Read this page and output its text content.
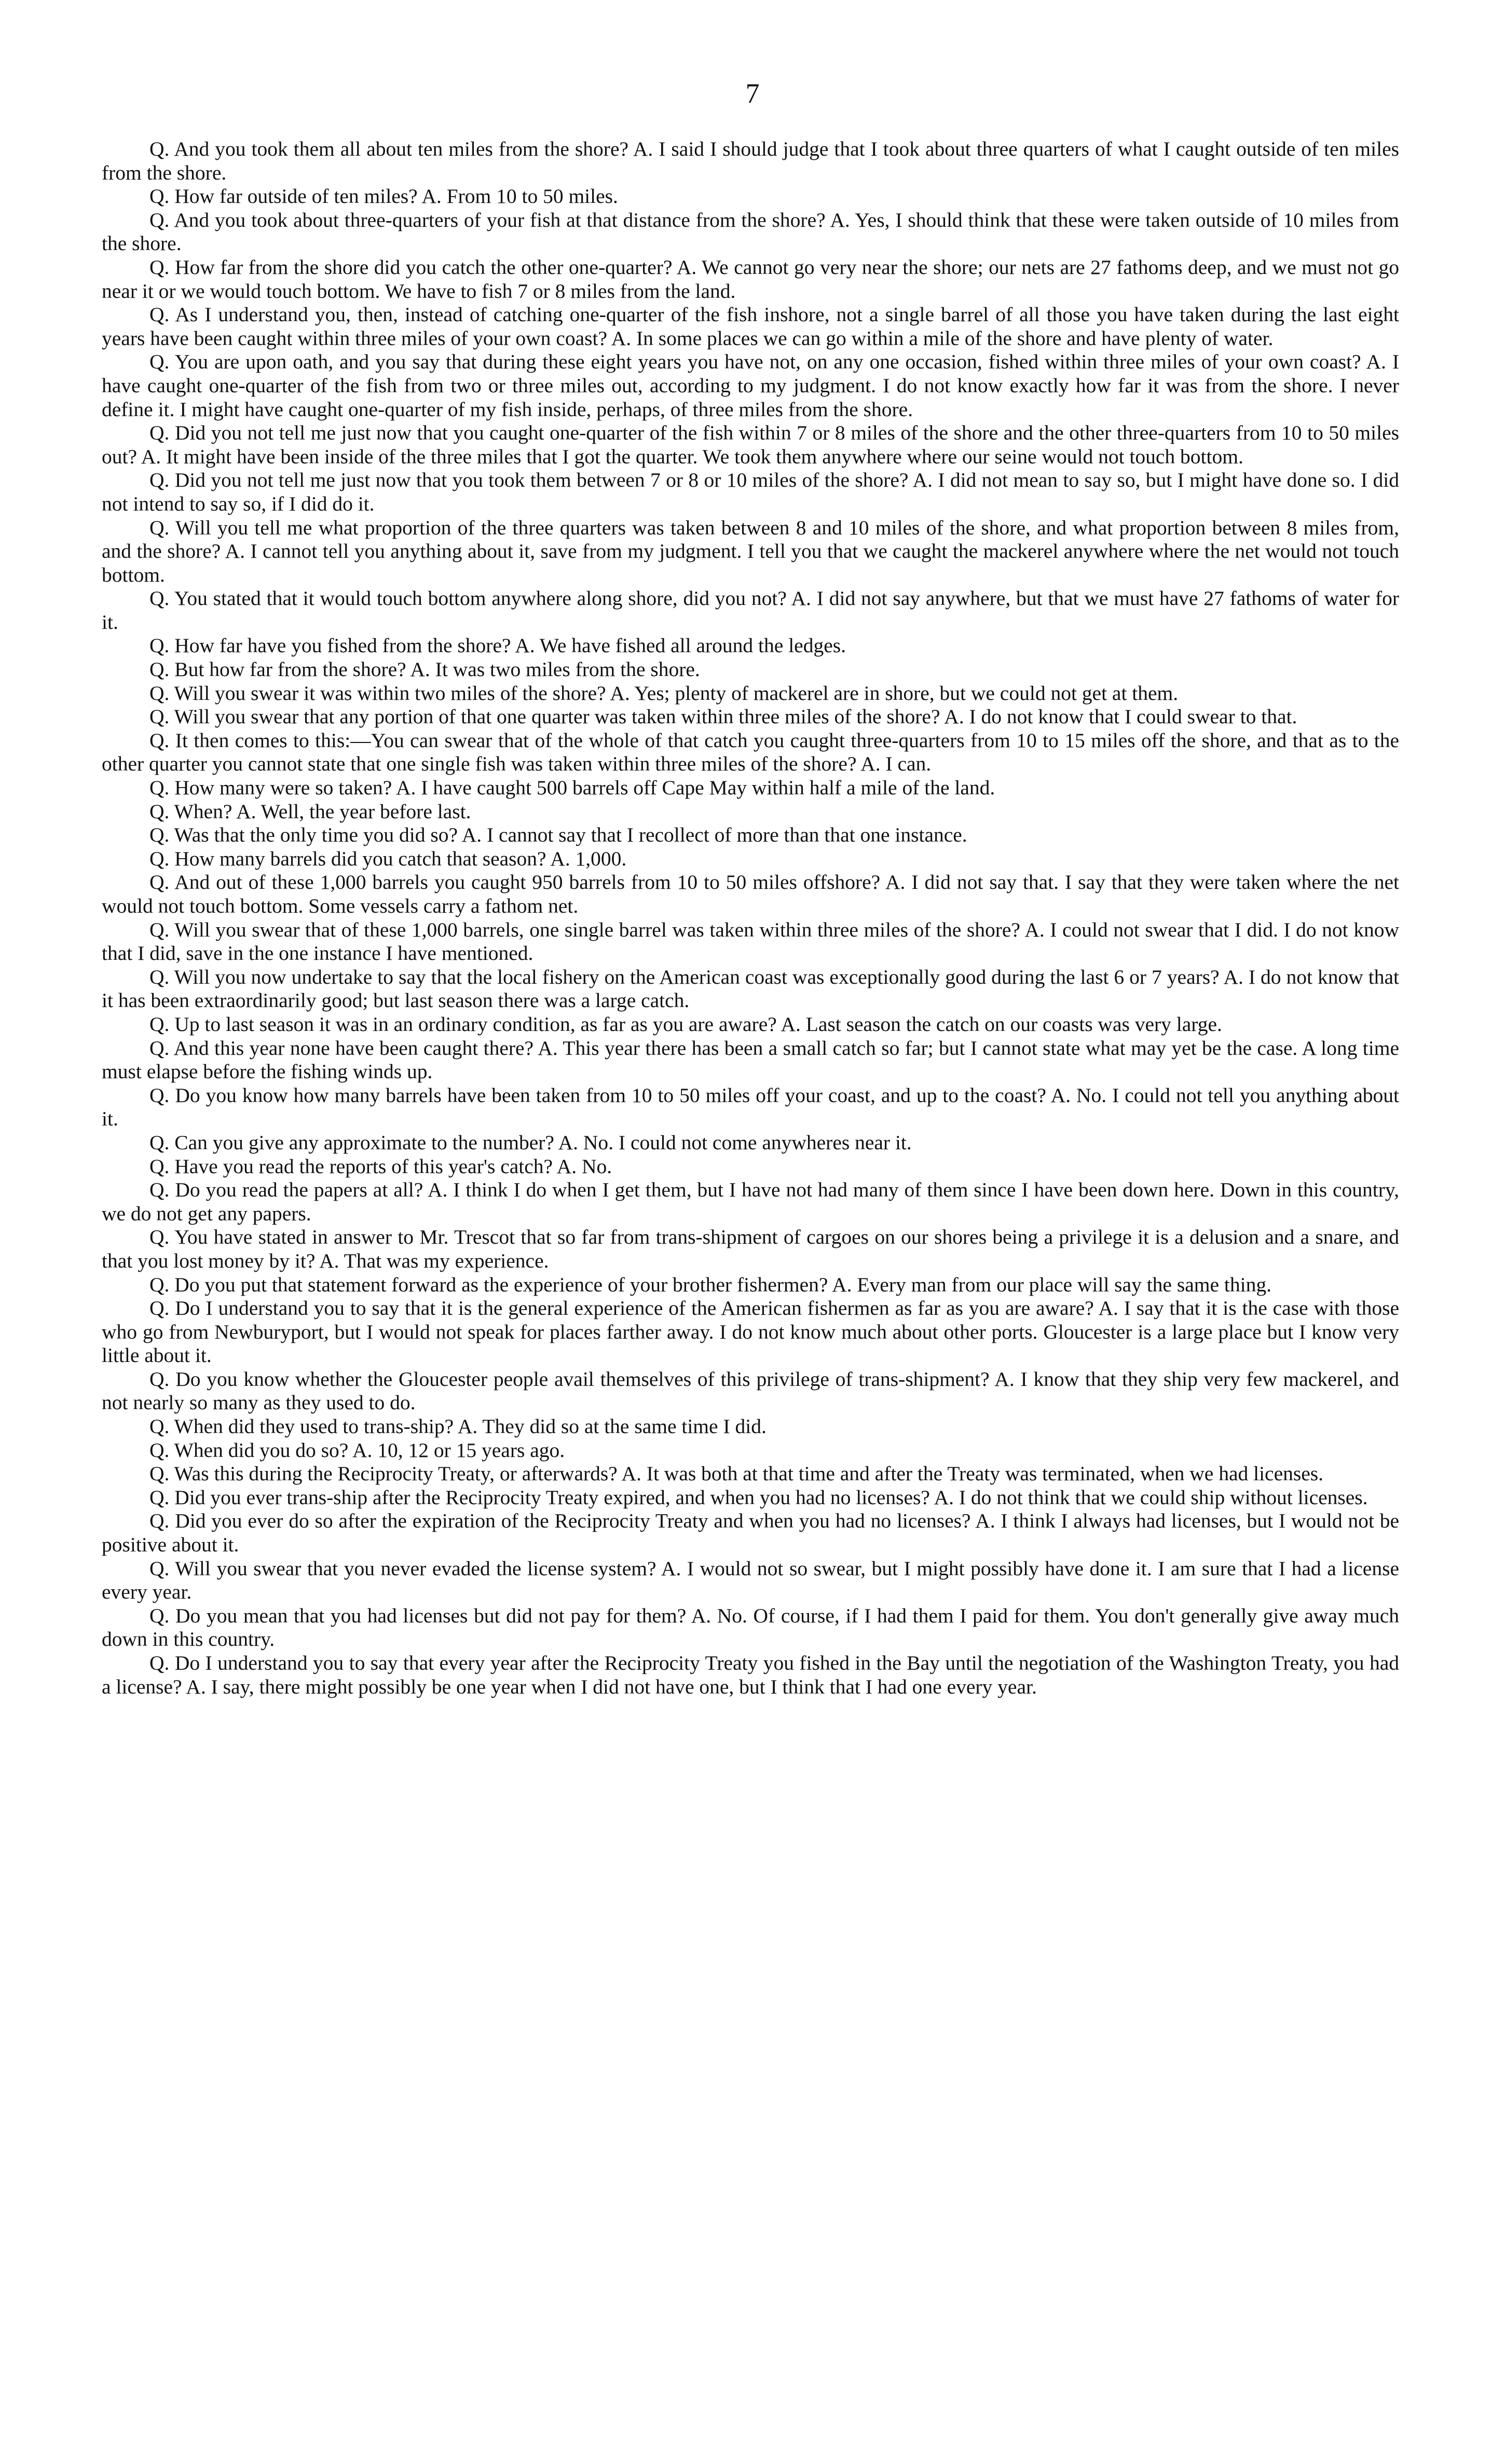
7

Q. And you took them all about ten miles from the shore? A. I said I should judge that I took about three quarters of what I caught outside of ten miles from the shore.

Q. How far outside of ten miles? A. From 10 to 50 miles.

Q. And you took about three-quarters of your fish at that distance from the shore? A. Yes, I should think that these were taken outside of 10 miles from the shore.

Q. How far from the shore did you catch the other one-quarter? A. We cannot go very near the shore; our nets are 27 fathoms deep, and we must not go near it or we would touch bottom. We have to fish 7 or 8 miles from the land.

Q. As I understand you, then, instead of catching one-quarter of the fish inshore, not a single barrel of all those you have taken during the last eight years have been caught within three miles of your own coast? A. In some places we can go within a mile of the shore and have plenty of water.

Q. You are upon oath, and you say that during these eight years you have not, on any one occasion, fished within three miles of your own coast? A. I have caught one-quarter of the fish from two or three miles out, according to my judgment. I do not know exactly how far it was from the shore. I never define it. I might have caught one-quarter of my fish inside, perhaps, of three miles from the shore.

Q. Did you not tell me just now that you caught one-quarter of the fish within 7 or 8 miles of the shore and the other three-quarters from 10 to 50 miles out? A. It might have been inside of the three miles that I got the quarter. We took them anywhere where our seine would not touch bottom.

Q. Did you not tell me just now that you took them between 7 or 8 or 10 miles of the shore? A. I did not mean to say so, but I might have done so. I did not intend to say so, if I did do it.

Q. Will you tell me what proportion of the three quarters was taken between 8 and 10 miles of the shore, and what proportion between 8 miles from, and the shore? A. I cannot tell you anything about it, save from my judgment. I tell you that we caught the mackerel anywhere where the net would not touch bottom.

Q. You stated that it would touch bottom anywhere along shore, did you not? A. I did not say anywhere, but that we must have 27 fathoms of water for it.

Q. How far have you fished from the shore? A. We have fished all around the ledges.

Q. But how far from the shore? A. It was two miles from the shore.

Q. Will you swear it was within two miles of the shore? A. Yes; plenty of mackerel are in shore, but we could not get at them.

Q. Will you swear that any portion of that one quarter was taken within three miles of the shore? A. I do not know that I could swear to that.

Q. It then comes to this:—You can swear that of the whole of that catch you caught three-quarters from 10 to 15 miles off the shore, and that as to the other quarter you cannot state that one single fish was taken within three miles of the shore? A. I can.

Q. How many were so taken? A. I have caught 500 barrels off Cape May within half a mile of the land.

Q. When? A. Well, the year before last.

Q. Was that the only time you did so? A. I cannot say that I recollect of more than that one instance.

Q. How many barrels did you catch that season? A. 1,000.

Q. And out of these 1,000 barrels you caught 950 barrels from 10 to 50 miles offshore? A. I did not say that. I say that they were taken where the net would not touch bottom. Some vessels carry a fathom net.

Q. Will you swear that of these 1,000 barrels, one single barrel was taken within three miles of the shore? A. I could not swear that I did. I do not know that I did, save in the one instance I have mentioned.

Q. Will you now undertake to say that the local fishery on the American coast was exceptionally good during the last 6 or 7 years? A. I do not know that it has been extraordinarily good; but last season there was a large catch.

Q. Up to last season it was in an ordinary condition, as far as you are aware? A. Last season the catch on our coasts was very large.

Q. And this year none have been caught there? A. This year there has been a small catch so far; but I cannot state what may yet be the case. A long time must elapse before the fishing winds up.

Q. Do you know how many barrels have been taken from 10 to 50 miles off your coast, and up to the coast? A. No. I could not tell you anything about it.

Q. Can you give any approximate to the number? A. No. I could not come anywheres near it.

Q. Have you read the reports of this year's catch? A. No.

Q. Do you read the papers at all? A. I think I do when I get them, but I have not had many of them since I have been down here. Down in this country, we do not get any papers.

Q. You have stated in answer to Mr. Trescot that so far from trans-shipment of cargoes on our shores being a privilege it is a delusion and a snare, and that you lost money by it? A. That was my experience.

Q. Do you put that statement forward as the experience of your brother fishermen? A. Every man from our place will say the same thing.

Q. Do I understand you to say that it is the general experience of the American fishermen as far as you are aware? A. I say that it is the case with those who go from Newburyport, but I would not speak for places farther away. I do not know much about other ports. Gloucester is a large place but I know very little about it.

Q. Do you know whether the Gloucester people avail themselves of this privilege of trans-shipment? A. I know that they ship very few mackerel, and not nearly so many as they used to do.

Q. When did they used to trans-ship? A. They did so at the same time I did.

Q. When did you do so? A. 10, 12 or 15 years ago.

Q. Was this during the Reciprocity Treaty, or afterwards? A. It was both at that time and after the Treaty was terminated, when we had licenses.

Q. Did you ever trans-ship after the Reciprocity Treaty expired, and when you had no licenses? A. I do not think that we could ship without licenses.

Q. Did you ever do so after the expiration of the Reciprocity Treaty and when you had no licenses? A. I think I always had licenses, but I would not be positive about it.

Q. Will you swear that you never evaded the license system? A. I would not so swear, but I might possibly have done it. I am sure that I had a license every year.

Q. Do you mean that you had licenses but did not pay for them? A. No. Of course, if I had them I paid for them. You don't generally give away much down in this country.

Q. Do I understand you to say that every year after the Reciprocity Treaty you fished in the Bay until the negotiation of the Washington Treaty, you had a license? A. I say, there might possibly be one year when I did not have one, but I think that I had one every year.
